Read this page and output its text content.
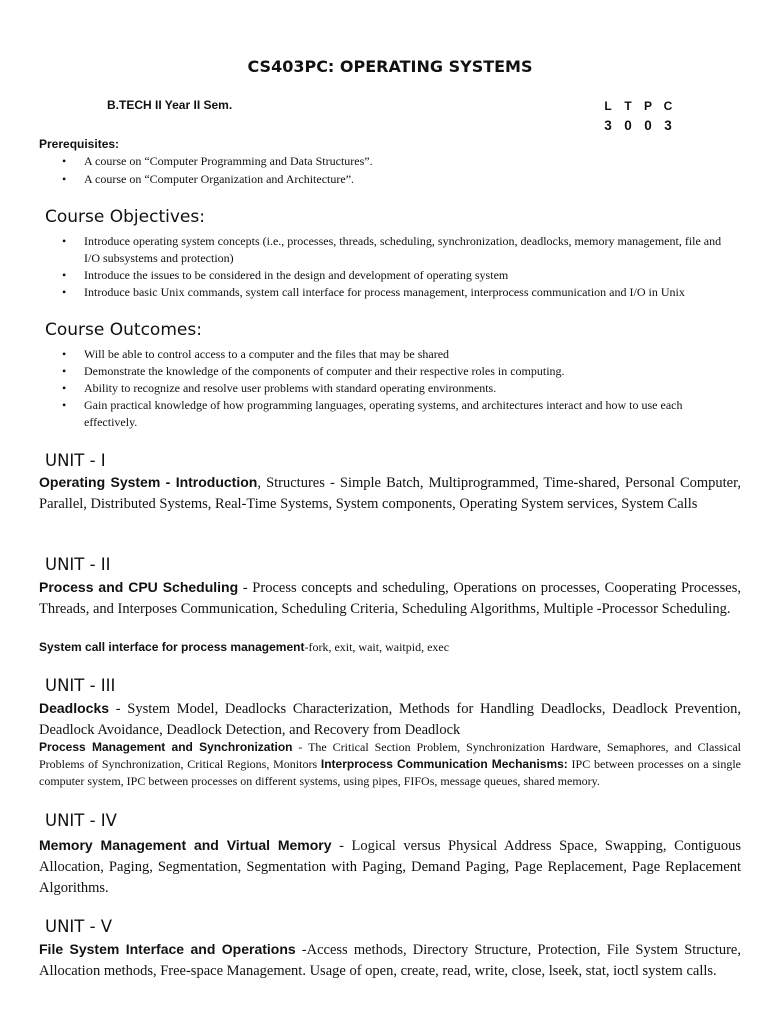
CS403PC: OPERATING SYSTEMS
B.TECH II Year II Sem.	L	T	P C
3 0 0 3
Prerequisites:
• A course on “Computer Programming and Data Structures”.
• A course on “Computer Organization and Architecture”.
Course Objectives:
• Introduce operating system concepts (i.e., processes, threads, scheduling, synchronization, deadlocks, memory management, file and I/O subsystems and protection)
• Introduce the issues to be considered in the design and development of operating system
• Introduce basic Unix commands, system call interface for process management, interprocess communication and I/O in Unix
Course Outcomes:
• Will be able to control access to a computer and the files that may be shared
• Demonstrate the knowledge of the components of computer and their respective roles in computing.
• Ability to recognize and resolve user problems with standard operating environments.
• Gain practical knowledge of how programming languages, operating systems, and architectures interact and how to use each effectively.
UNIT - I
Operating System - Introduction, Structures - Simple Batch, Multiprogrammed, Time-shared, Personal Computer, Parallel, Distributed Systems, Real-Time Systems, System components, Operating System services, System Calls
UNIT - II
Process and CPU Scheduling - Process concepts and scheduling, Operations on processes, Cooperating Processes, Threads, and Interposes Communication, Scheduling Criteria, Scheduling Algorithms, Multiple -Processor Scheduling.
System call interface for process management-fork, exit, wait, waitpid, exec
UNIT - III
Deadlocks - System Model, Deadlocks Characterization, Methods for Handling Deadlocks, Deadlock Prevention, Deadlock Avoidance, Deadlock Detection, and Recovery from Deadlock
Process Management and Synchronization - The Critical Section Problem, Synchronization Hardware, Semaphores, and Classical Problems of Synchronization, Critical Regions, Monitors Interprocess Communication Mechanisms: IPC between processes on a single computer system, IPC between processes on different systems, using pipes, FIFOs, message queues, shared memory.
UNIT - IV
Memory Management and Virtual Memory - Logical versus Physical Address Space, Swapping, Contiguous Allocation, Paging, Segmentation, Segmentation with Paging, Demand Paging, Page Replacement, Page Replacement Algorithms.
UNIT - V
File System Interface and Operations -Access methods, Directory Structure, Protection, File System Structure, Allocation methods, Free-space Management. Usage of open, create, read, write, close, lseek, stat, ioctl system calls.
